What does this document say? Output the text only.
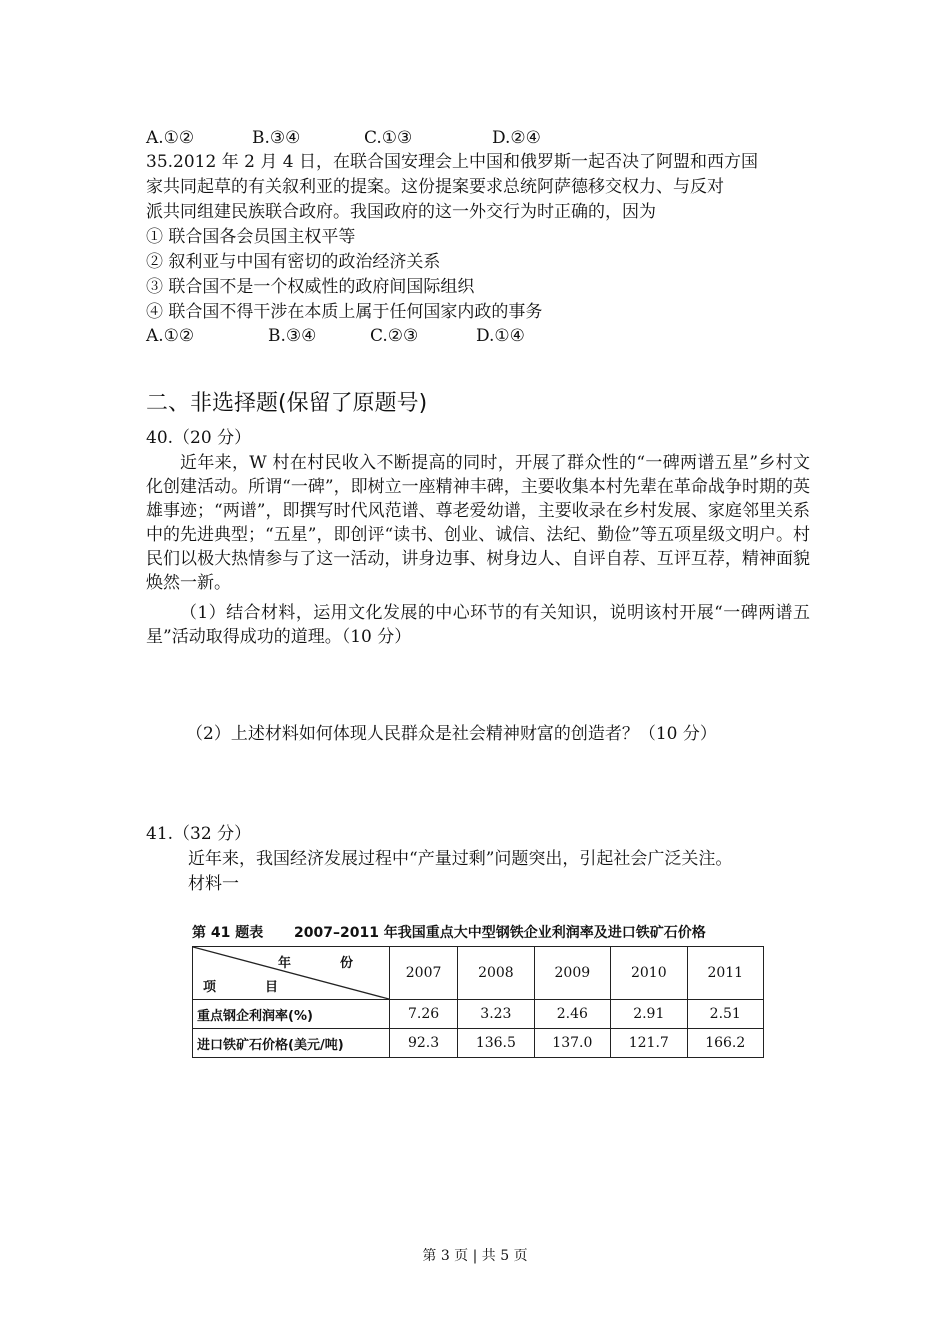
A.①②	B.③④	C.①③	D.②④
35.2012 年 2 月 4 日，在联合国安理会上中国和俄罗斯一起否决了阿盟和西方国
家共同起草的有关叙利亚的提案。这份提案要求总统阿萨德移交权力、与反对
派共同组建民族联合政府。我国政府的这一外交行为时正确的，因为
① 联合国各会员国主权平等
② 叙利亚与中国有密切的政治经济关系
③ 联合国不是一个权威性的政府间国际组织
④ 联合国不得干涉在本质上属于任何国家内政的事务
A.①②	B.③④	C.②③	D.①④
二、非选择题(保留了原题号)
40.（20 分）
近年来，W 村在村民收入不断提高的同时，开展了群众性的“一碑两谱五星”乡村文化创建活动。所谓“一碑”，即树立一座精神丰碑，主要收集本村先辈在革命战争时期的英雄事迹；“两谱”，即撰写时代风范谱、尊老爱幼谱，主要收录在乡村发展、家庭邻里关系中的先进典型；“五星”，即创评“读书、创业、诚信、法纪、勤俭”等五项星级文明户。村民们以极大热情参与了这一活动，讲身边事、树身边人、自评自荐、互评互荐，精神面貌焕然一新。
（1）结合材料，运用文化发展的中心环节的有关知识，说明该村开展“一碑两谱五星”活动取得成功的道理。（10 分）
（2）上述材料如何体现人民群众是社会精神财富的创造者？（10 分）
41.（32 分）
近年来，我国经济发展过程中“产量过剩”问题突出，引起社会广泛关注。
材料一
第 41 题表 2007–2011 年我国重点大中型钢铁企业利润率及进口铁矿石价格
年　份
项　目	2007	2008	2009	2010	2011
重点钢企利润率(%)	7.26	3.23	2.46	2.91	2.51
进口铁矿石价格(美元/吨)	92.3	136.5	137.0	121.7	166.2
第 3 页 | 共 5 页
